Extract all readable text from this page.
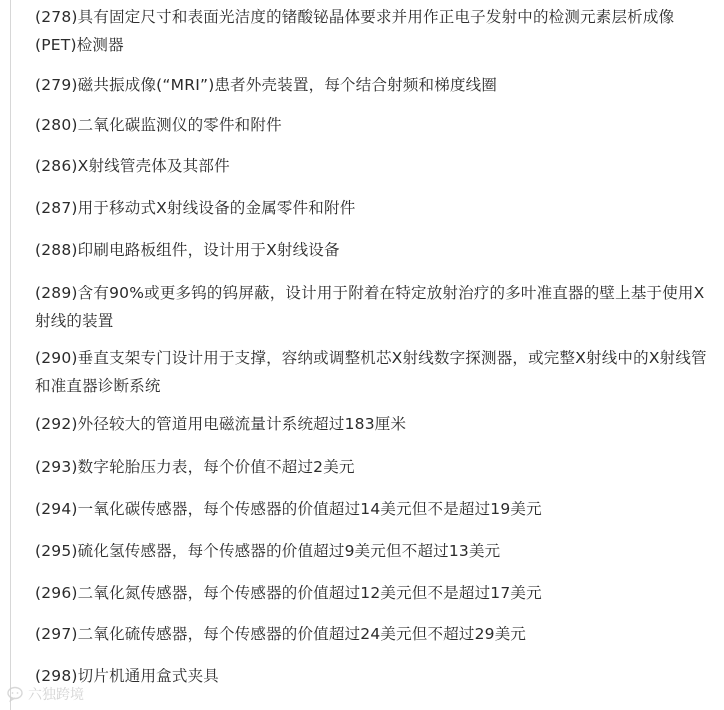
(278)具有固定尺寸和表面光洁度的锗酸铋晶体要求并用作正电子发射中的检测元素层析成像(PET)检测器
(279)磁共振成像(“MRI”)患者外壳装置，每个结合射频和梯度线圈
(280)二氧化碳监测仪的零件和附件
(286)X射线管壳体及其部件
(287)用于移动式X射线设备的金属零件和附件
(288)印刷电路板组件，设计用于X射线设备
(289)含有90%或更多钨的钨屏蔽，设计用于附着在特定放射治疗的多叶准直器的壁上基于使用X射线的装置
(290)垂直支架专门设计用于支撑，容纳或调整机芯X射线数字探测器，或完整X射线中的X射线管和准直器诊断系统
(292)外径较大的管道用电磁流量计系统超过183厘米
(293)数字轮胎压力表，每个价值不超过2美元
(294)一氧化碳传感器，每个传感器的价值超过14美元但不是超过19美元
(295)硫化氢传感器，每个传感器的价值超过9美元但不超过13美元
(296)二氧化氮传感器，每个传感器的价值超过12美元但不是超过17美元
(297)二氧化硫传感器，每个传感器的价值超过24美元但不超过29美元
(298)切片机通用盒式夹具
六独跨境
